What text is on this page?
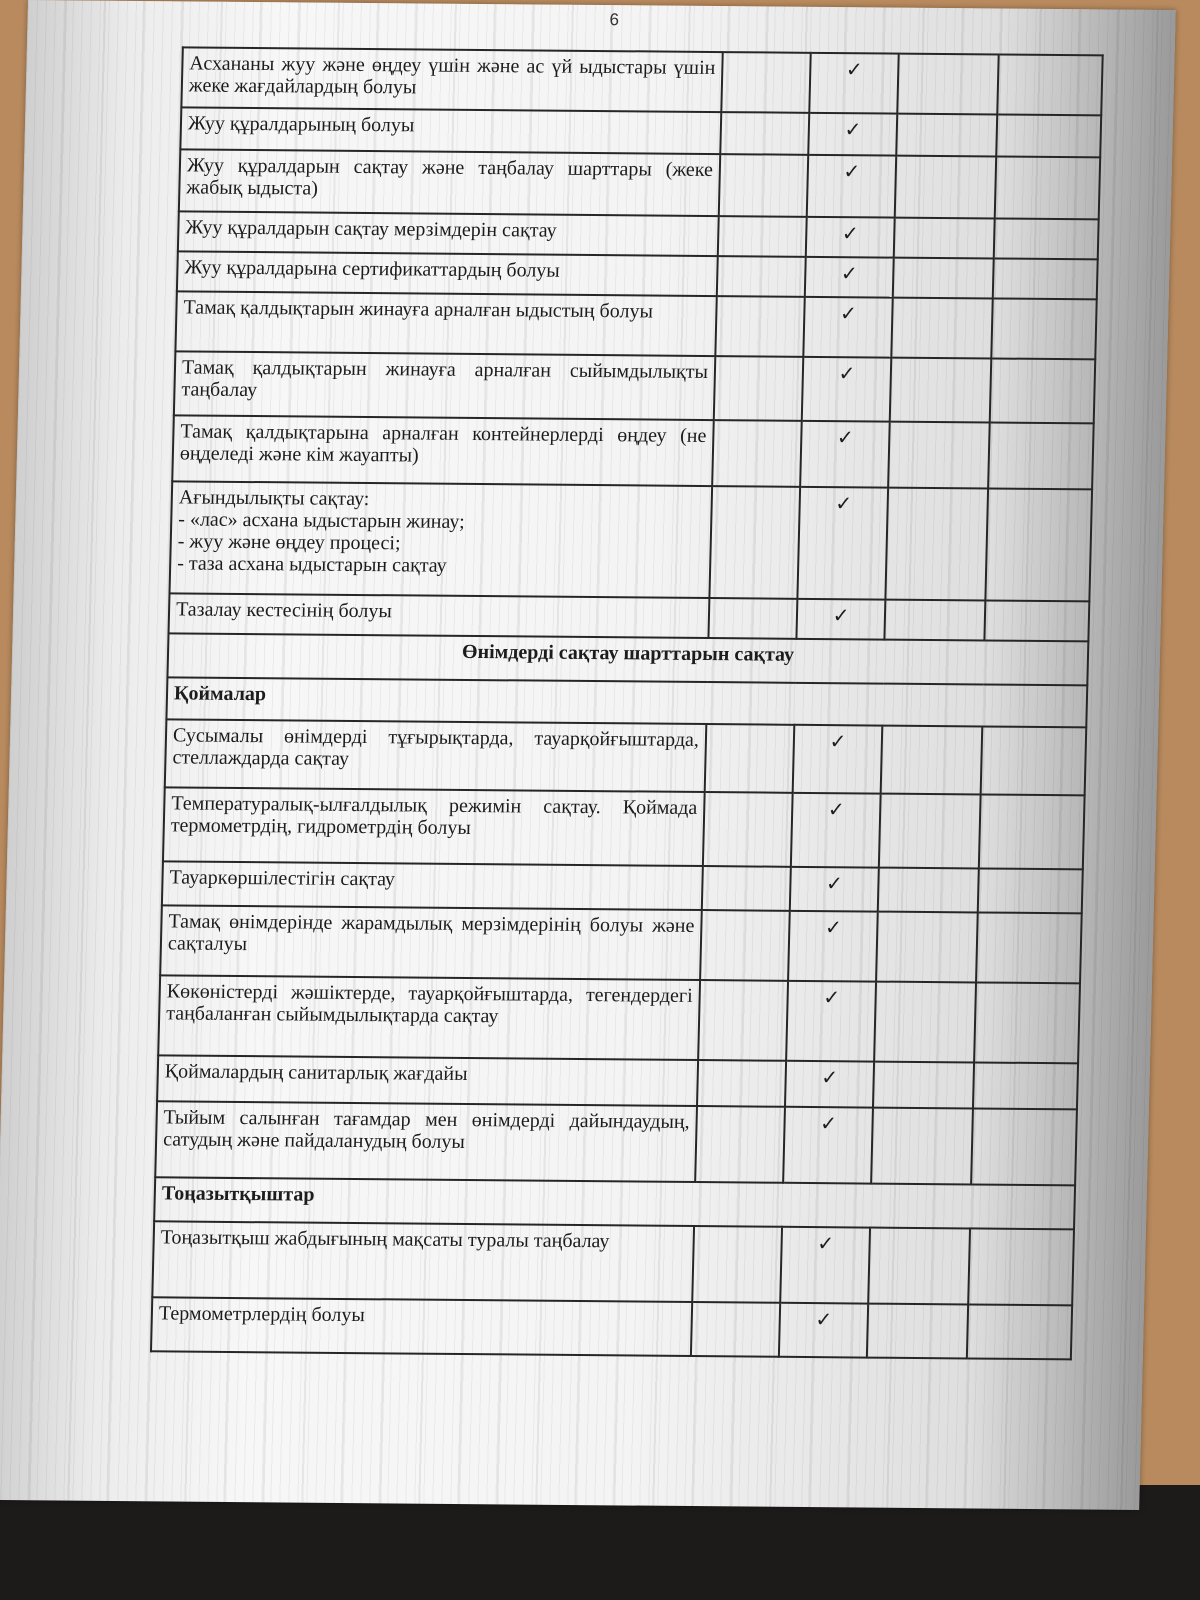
6
Асхананы жуу және өңдеу үшін және ас үй ыдыстары үшін жеке жағдайлардың болуы		✓		
Жуу құралдарының болуы		✓		
Жуу құралдарын сақтау және таңбалау шарттары (жеке жабық ыдыста)		✓		
Жуу құралдарын сақтау мерзімдерін сақтау		✓		
Жуу құралдарына сертификаттардың болуы		✓		
Тамақ қалдықтарын жинауға арналған ыдыстың болуы		✓		
Тамақ қалдықтарын жинауға арналған сыйымдылықты таңбалау		✓		
Тамақ қалдықтарына арналған контейнерлерді өңдеу (не өңделеді және кім жауапты)		✓		

Ағындылықты сақтау:
- «лас» асхана ыдыстарын жинау;
- жуу және өңдеу процесі;
- таза асхана ыдыстарын сақтау		✓		
Тазалау кестесінің болуы		✓		
Өнімдерді сақтау шарттарын сақтау				
Қоймалар				
Сусымалы өнімдерді тұғырықтарда, тауарқойғыштарда, стеллаждарда сақтау		✓		
Температуралық-ылғалдылық режимін сақтау. Қоймада термометрдің, гидрометрдің болуы		✓		
Тауаркөршілестігін сақтау		✓		
Тамақ өнімдерінде жарамдылық мерзімдерінің болуы және сақталуы		✓		
Көкөністерді жәшіктерде, тауарқойғыштарда, тегендердегі таңбаланған сыйымдылықтарда сақтау		✓		
Қоймалардың санитарлық жағдайы		✓		
Тыйым салынған тағамдар мен өнімдерді дайындаудың, сатудың және пайдаланудың болуы		✓		
Тоңазытқыштар				
Тоңазытқыш жабдығының мақсаты туралы таңбалау		✓		
Термометрлердің болуы		✓		
